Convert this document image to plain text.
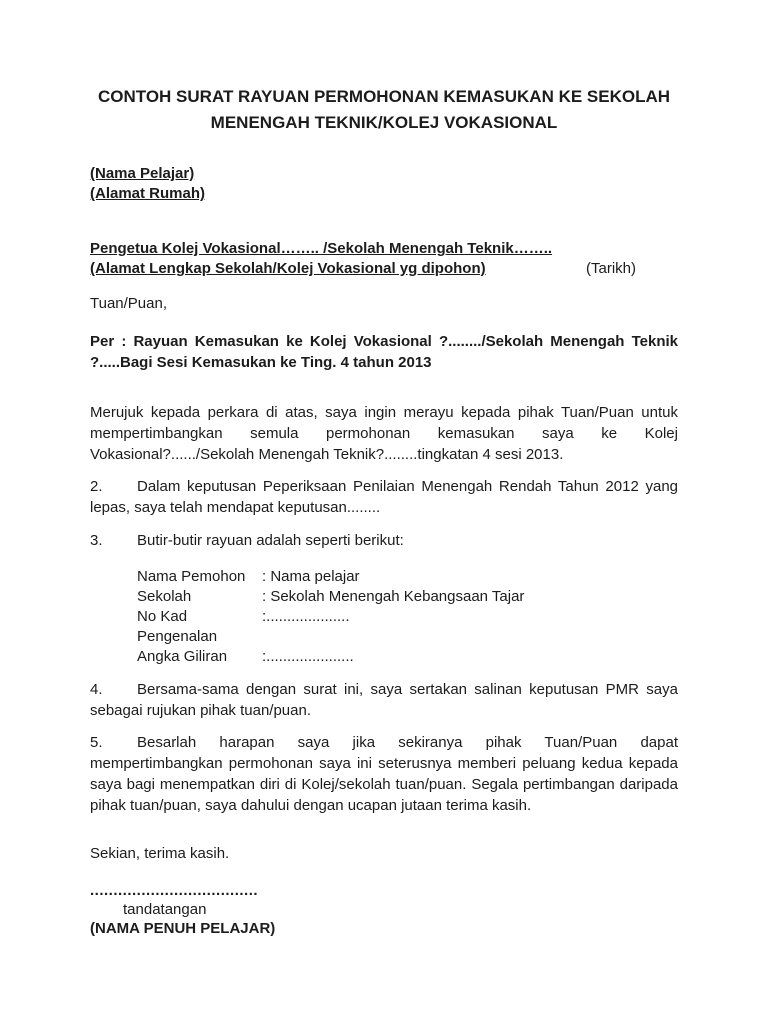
CONTOH SURAT RAYUAN PERMOHONAN KEMASUKAN KE SEKOLAH
MENENGAH TEKNIK/KOLEJ VOKASIONAL
(Nama Pelajar)
(Alamat Rumah)
Pengetua Kolej Vokasional…….. /Sekolah Menengah Teknik……..
(Alamat Lengkap Sekolah/Kolej Vokasional yg dipohon)	(Tarikh)

Tuan/Puan,

Per : Rayuan Kemasukan ke Kolej Vokasional ?......../Sekolah Menengah Teknik ?.....Bagi Sesi Kemasukan ke Ting. 4 tahun 2013

Merujuk kepada perkara di atas, saya ingin merayu kepada pihak Tuan/Puan untuk mempertimbangkan semula permohonan kemasukan saya ke Kolej Vokasional?....../Sekolah Menengah Teknik?........tingkatan 4 sesi 2013.

2. Dalam keputusan Peperiksaan Penilaian Menengah Rendah Tahun 2012 yang lepas, saya telah mendapat keputusan........

3. Butir-butir rayuan adalah seperti berikut:

Nama Pemohon	: Nama pelajar
Sekolah	: Sekolah Menengah Kebangsaan Tajar
No Kad Pengenalan
:....................
Angka Giliran	:.....................

4. Bersama-sama dengan surat ini, saya sertakan salinan keputusan PMR saya sebagai rujukan pihak tuan/puan.

5. Besarlah harapan saya jika sekiranya pihak Tuan/Puan dapat mempertimbangkan permohonan saya ini seterusnya memberi peluang kedua kepada saya bagi menempatkan diri di Kolej/sekolah tuan/puan. Segala pertimbangan daripada pihak tuan/puan, saya dahului dengan ucapan jutaan terima kasih.

Sekian, terima kasih.

....................................
tandatangan
(NAMA PENUH PELAJAR)
